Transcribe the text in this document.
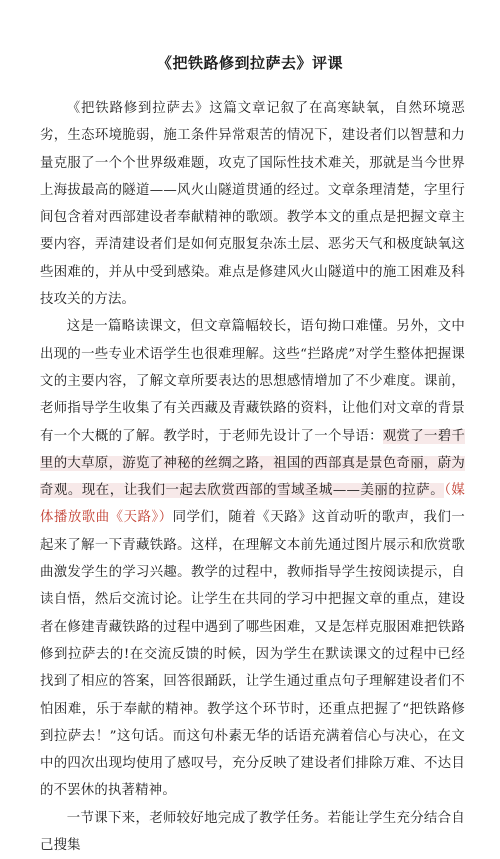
《把铁路修到拉萨去》评课

《把铁路修到拉萨去》这篇文章记叙了在高寒缺氧，自然环境恶劣，生态环境脆弱，施工条件异常艰苦的情况下，建设者们以智慧和力量克服了一个个世界级难题，攻克了国际性技术难关，那就是当今世界上海拔最高的隧道——风火山隧道贯通的经过。文章条理清楚，字里行间包含着对西部建设者奉献精神的歌颂。教学本文的重点是把握文章主要内容，弄清建设者们是如何克服复杂冻土层、恶劣天气和极度缺氧这些困难的，并从中受到感染。难点是修建风火山隧道中的施工困难及科技攻关的方法。

这是一篇略读课文，但文章篇幅较长，语句拗口难懂。另外，文中出现的一些专业术语学生也很难理解。这些“拦路虎”对学生整体把握课文的主要内容，了解文章所要表达的思想感情增加了不少难度。课前，老师指导学生收集了有关西藏及青藏铁路的资料，让他们对文章的背景有一个大概的了解。教学时，于老师先设计了一个导语：观赏了一碧千里的大草原，游览了神秘的丝绸之路，祖国的西部真是景色奇丽，蔚为奇观。现在，让我们一起去欣赏西部的雪域圣城——美丽的拉萨。（媒体播放歌曲《天路》）同学们，随着《天路》这首动听的歌声，我们一起来了解一下青藏铁路。这样，在理解文本前先通过图片展示和欣赏歌曲激发学生的学习兴趣。教学的过程中，教师指导学生按阅读提示，自读自悟，然后交流讨论。让学生在共同的学习中把握文章的重点，建设者在修建青藏铁路的过程中遇到了哪些困难，又是怎样克服困难把铁路修到拉萨去的!在交流反馈的时候，因为学生在默读课文的过程中已经找到了相应的答案，回答很踊跃，让学生通过重点句子理解建设者们不怕困难，乐于奉献的精神。教学这个环节时，还重点把握了“把铁路修到拉萨去！”这句话。而这句朴素无华的话语充满着信心与决心，在文中的四次出现均使用了感叹号，充分反映了建设者们排除万难、不达目的不罢休的执著精神。

一节课下来，老师较好地完成了教学任务。若能让学生充分结合自己搜集
